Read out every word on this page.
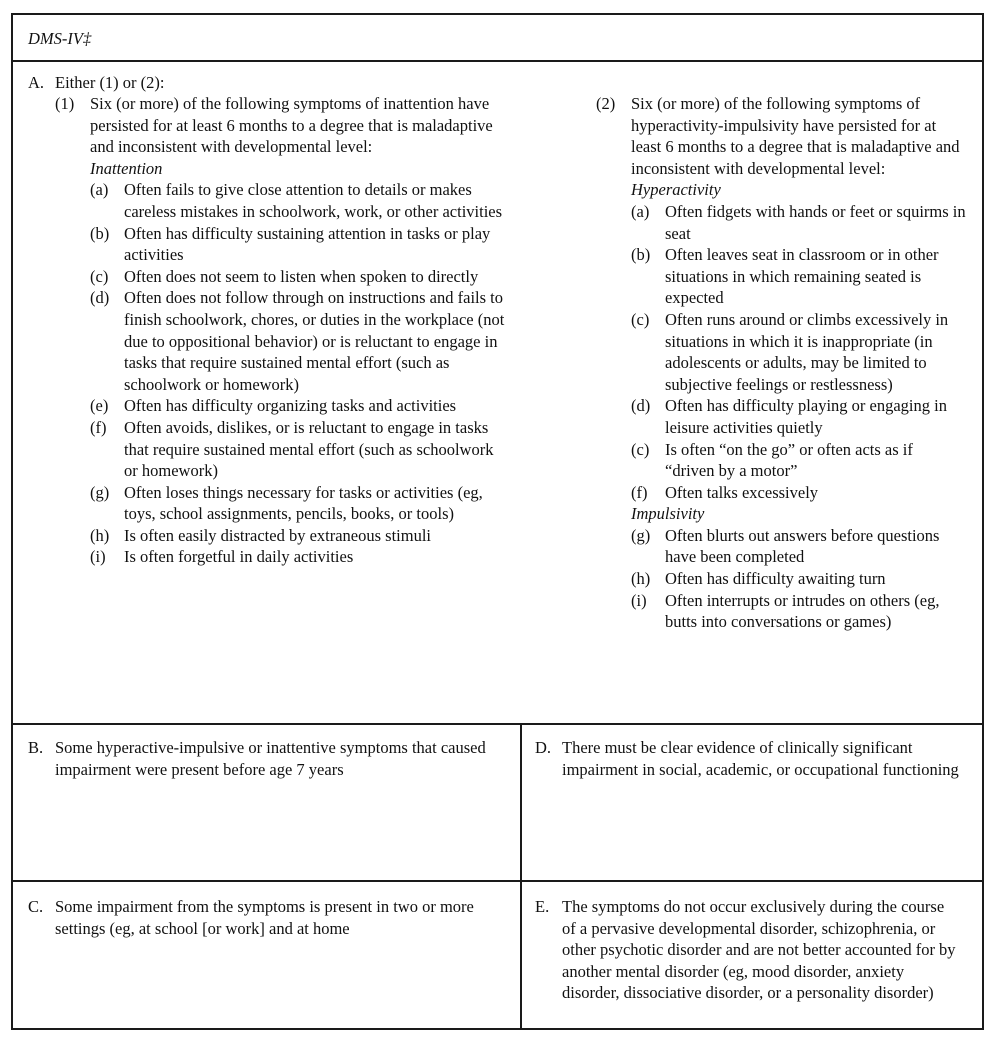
DMS-IV‡
A. Either (1) or (2):
(1) Six (or more) of the following symptoms of inattention have persisted for at least 6 months to a degree that is maladaptive and inconsistent with developmental level:
Inattention
(a) Often fails to give close attention to details or makes careless mistakes in schoolwork, work, or other activities
(b) Often has difficulty sustaining attention in tasks or play activities
(c) Often does not seem to listen when spoken to directly
(d) Often does not follow through on instructions and fails to finish schoolwork, chores, or duties in the workplace (not due to oppositional behavior) or is reluctant to engage in tasks that require sustained mental effort (such as schoolwork or homework)
(e) Often has difficulty organizing tasks and activities
(f)	Often avoids, dislikes, or is reluctant to engage in tasks that require sustained mental effort (such as schoolwork or homework)
(g) Often loses things necessary for tasks or activities (eg, toys, school assignments, pencils, books, or tools)
(h) Is often easily distracted by extraneous stimuli
(i)	Is often forgetful in daily activities
(2) Six (or more) of the following symptoms of hyperactivity-impulsivity have persisted for at least 6 months to a degree that is maladaptive and inconsistent with developmental level:
Hyperactivity
(a) Often fidgets with hands or feet or squirms in seat
(b) Often leaves seat in classroom or in other situations in which remaining seated is expected
(c) Often runs around or climbs excessively in situations in which it is inappropriate (in adolescents or adults, may be limited to subjective feelings or restlessness)
(d) Often has difficulty playing or engaging in leisure activities quietly
(c) Is often “on the go” or often acts as if “driven by a motor”
(f)	Often talks excessively
Impulsivity
(g) Often blurts out answers before questions have been completed
(h) Often has difficulty awaiting turn
(i)	Often interrupts or intrudes on others (eg, butts into conversations or games)
B. Some hyperactive-impulsive or inattentive symptoms that caused impairment were present before age 7 years
D. There must be clear evidence of clinically significant impairment in social, academic, or occupational functioning
C. Some impairment from the symptoms is present in two or more settings (eg, at school [or work] and at home
E. The symptoms do not occur exclusively during the course of a pervasive developmental disorder, schizophrenia, or other psychotic disorder and are not better accounted for by another mental disorder (eg, mood disorder, anxiety disorder, dissociative disorder, or a personality disorder)
